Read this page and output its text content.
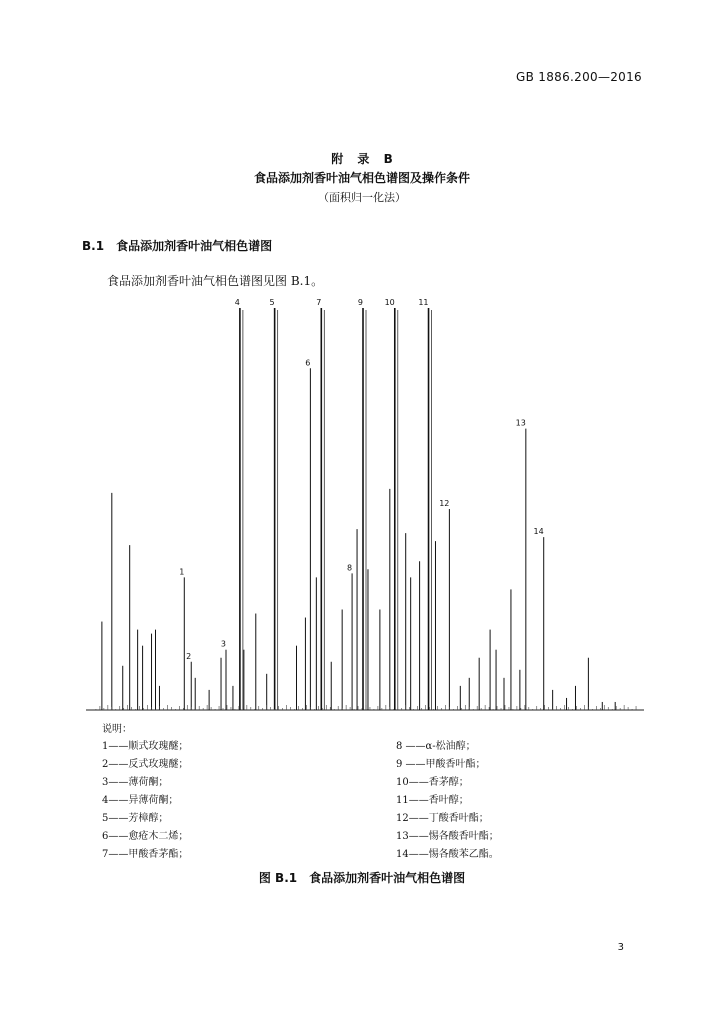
GB 1886.200—2016
附 录 B
食品添加剂香叶油气相色谱图及操作条件
（面积归一化法）
B.1 食品添加剂香叶油气相色谱图
食品添加剂香叶油气相色谱图见图 B.1。
1
2
3
4	5
6
7
8
9	10	11
12
13
14
说明：
1——顺式玫瑰醚；
2——反式玫瑰醚；
3——薄荷酮；
4——异薄荷酮；
5——芳樟醇；
6——愈疮木二烯；
7——甲酸香茅酯；
8 ——α-松油醇；
9 ——甲酸香叶酯；
10——香茅醇；
11——香叶醇；
12——丁酸香叶酯；
13——惕各酸香叶酯；
14——惕各酸苯乙酯。
图 B.1 食品添加剂香叶油气相色谱图
3
